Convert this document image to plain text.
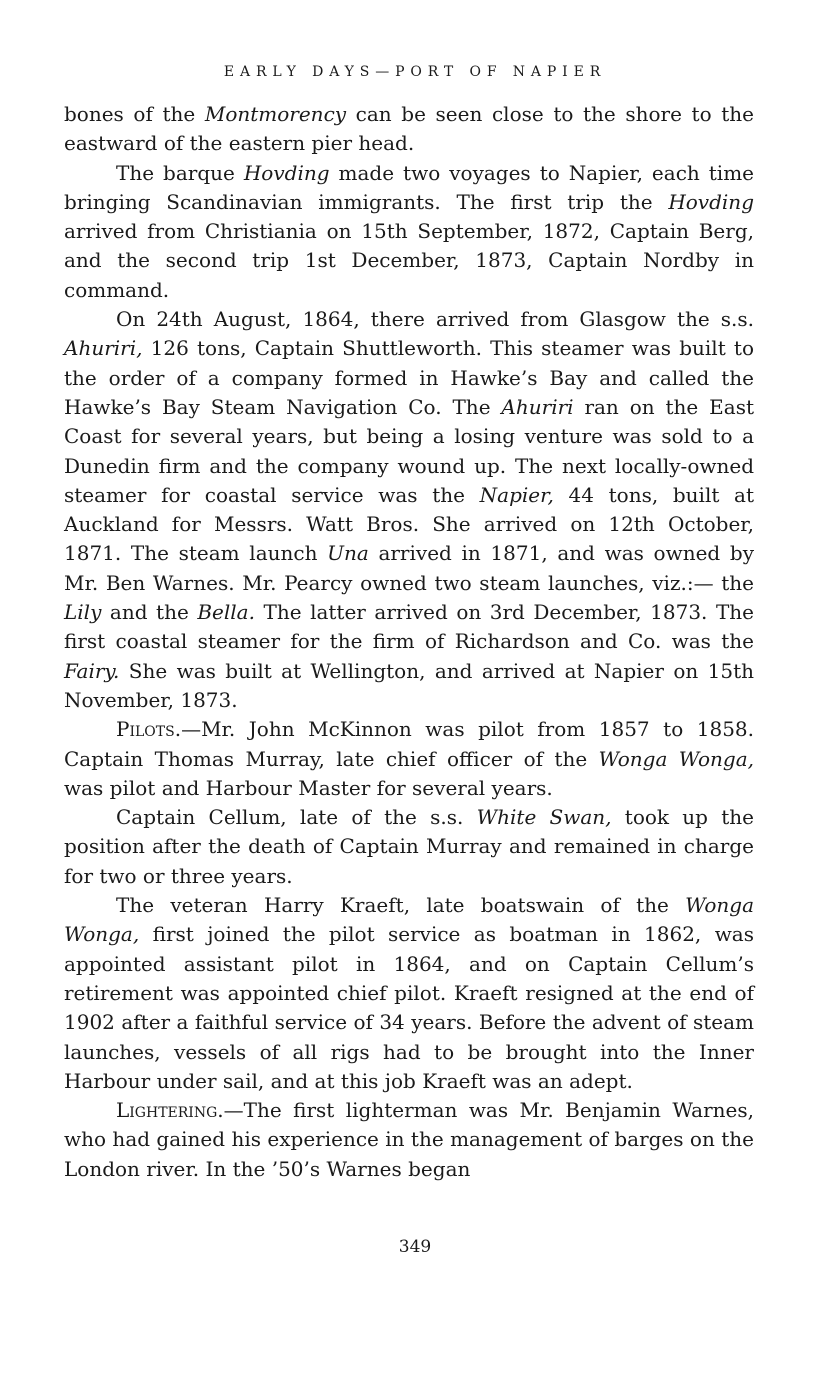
EARLY DAYS—PORT OF NAPIER

bones of the Montmorency can be seen close to the shore to the eastward of the eastern pier head.

The barque Hovding made two voyages to Napier, each time bringing Scandinavian immigrants. The first trip the Hovding arrived from Christiania on 15th September, 1872, Captain Berg, and the second trip 1st December, 1873, Captain Nordby in command.

On 24th August, 1864, there arrived from Glasgow the s.s. Ahuriri, 126 tons, Captain Shuttleworth. This steamer was built to the order of a company formed in Hawke’s Bay and called the Hawke’s Bay Steam Navigation Co. The Ahuriri ran on the East Coast for several years, but being a losing venture was sold to a Dunedin firm and the company wound up. The next locally-owned steamer for coastal service was the Napier, 44 tons, built at Auckland for Messrs. Watt Bros. She arrived on 12th October, 1871. The steam launch Una arrived in 1871, and was owned by Mr. Ben Warnes. Mr. Pearcy owned two steam launches, viz.:— the Lily and the Bella. The latter arrived on 3rd December, 1873. The first coastal steamer for the firm of Richardson and Co. was the Fairy. She was built at Wellington, and arrived at Napier on 15th November, 1873.

Pilots.—Mr. John McKinnon was pilot from 1857 to 1858. Captain Thomas Murray, late chief officer of the Wonga Wonga, was pilot and Harbour Master for several years.

Captain Cellum, late of the s.s. White Swan, took up the position after the death of Captain Murray and remained in charge for two or three years.

The veteran Harry Kraeft, late boatswain of the Wonga Wonga, first joined the pilot service as boatman in 1862, was appointed assistant pilot in 1864, and on Captain Cellum’s retirement was appointed chief pilot. Kraeft resigned at the end of 1902 after a faithful service of 34 years. Before the advent of steam launches, vessels of all rigs had to be brought into the Inner Harbour under sail, and at this job Kraeft was an adept.

Lightering.—The first lighterman was Mr. Benjamin Warnes, who had gained his experience in the management of barges on the London river. In the ’50’s Warnes began

349
